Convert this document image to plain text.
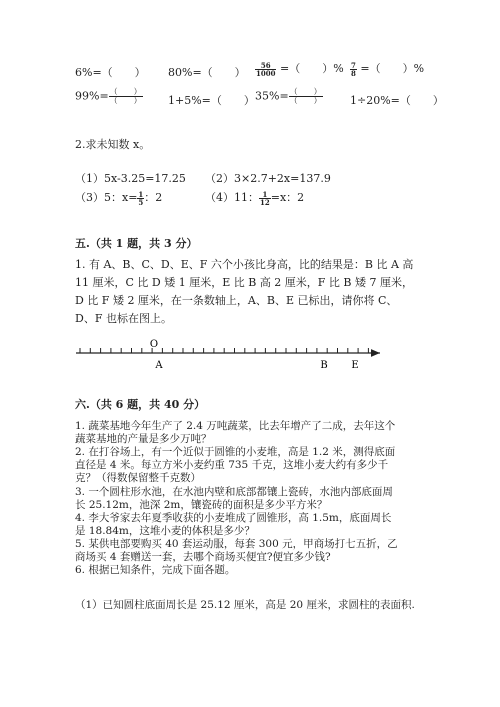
6%=（　　） 80%=（　　） $\frac{56}{1000}$ =（　　）% $\frac{7}{8}$ =（　　）%
$99\%= \frac{( )}{( )} 1+5\%=$（　　） $35\%= \frac{( )}{( )} 1\div 20\%=$（　　）
2.求未知数 x。
（1）5x-3.25=17.25 （2）3×2.7+2x=137.9
（3）5：$x= \frac{1}{5}$ ：2	（4）11： $\frac{1}{12} =x$：2
五.（共 1 题，共 3 分）
1. 有 A、B、C、D、E、F 六个小孩比身高，比的结果是：B 比 A 高 11 厘米，C 比 D 矮 1 厘米，E 比 B 高 2 厘米，F 比 B 矮 7 厘米，D 比 F 矮 2 厘米，在一条数轴上，A、B、E 已标出，请你将 C、D、F 也标在图上。
O
A	B E
六.（共 6 题，共 40 分）
1. 蔬菜基地今年生产了 2.4 万吨蔬菜，比去年增产了二成，去年这个蔬菜基地的产量是多少万吨？
2. 在打谷场上，有一个近似于圆锥的小麦堆，高是 1.2 米，测得底面直径是 4 米。每立方米小麦约重 735 千克，这堆小麦大约有多少千克？（得数保留整千克数）
3. 一个圆柱形水池，在水池内壁和底部都镶上瓷砖，水池内部底面周长 25.12m，池深 2m，镶瓷砖的面积是多少平方米？
4. 李大爷家去年夏季收获的小麦堆成了圆锥形，高 1.5m，底面周长是 18.84m，这堆小麦的体积是多少？
5. 某供电部要购买 40 套运动服，每套 300 元，甲商场打七五折，乙商场买 4 套赠送一套，去哪个商场买便宜?便宜多少钱?
6. 根据已知条件，完成下面各题。
（1）已知圆柱底面周长是 25.12 厘米，高是 20 厘米，求圆柱的表面积.
